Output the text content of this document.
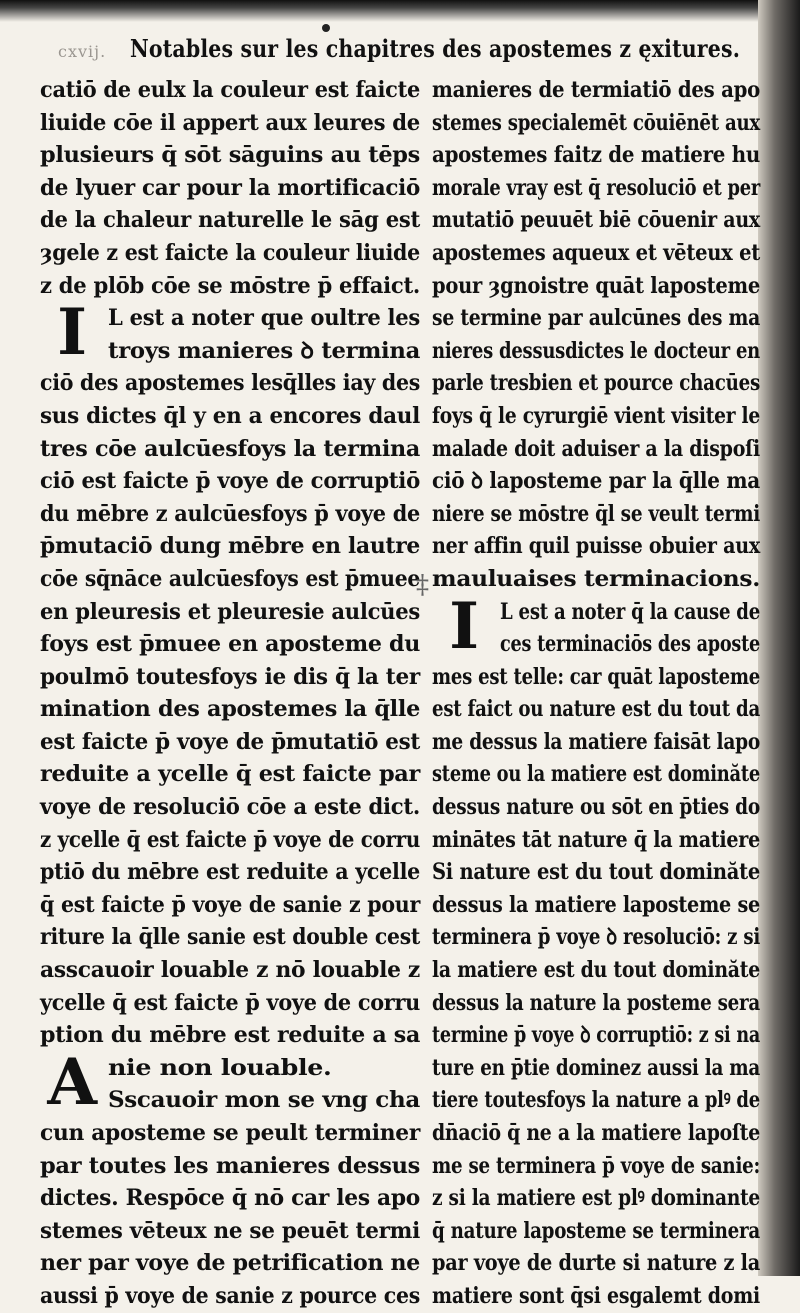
cxvij. Notables sur les chapitres des apostemes z ęxitures.
catiō de eulx la couleur est faicte
liuide cōe il appert aux leures de
plusieurs q̄ sōt sāguins au tēps
de lyuer car pour la mortificaciō
de la chaleur naturelle le sāg est
ȝgele z est faicte la couleur liuide
z de plōb cōe se mōstre p̄ effaict.
I L est a noter que oultre les
troys manieres ꝺ termina
ciō des apostemes lesq̄lles iay des
sus dictes q̄l y en a encores daul
tres cōe aulcūesfoys la termina
ciō est faicte p̄ voye de corruptiō
du mēbre z aulcūesfoys p̄ voye de
p̄mutaciō dung mēbre en lautre
cōe sq̄nāce aulcūesfoys est p̄muee
en pleuresis et pleuresie aulcūes
foys est p̄muee en aposteme du
poulmō toutesfoys ie dis q̄ la ter
mination des apostemes la q̄lle
est faicte p̄ voye de p̄mutatiō est
reduite a ycelle q̄ est faicte par
voye de resoluciō cōe a este dict.
z ycelle q̄ est faicte p̄ voye de corru
ptiō du mēbre est reduite a ycelle
q̄ est faicte p̄ voye de sanie z pour
riture la q̄lle sanie est double cest
asscauoir louable z nō louable z
ycelle q̄ est faicte p̄ voye de corru
ption du mēbre est reduite a sa
A nie non louable.
Sscauoir mon se vng cha
cun aposteme se peult terminer
par toutes les manieres dessus
dictes. Respōce q̄ nō car les apo
stemes vēteux ne se peuēt termi
ner par voye de petrification ne
aussi p̄ voye de sanie z pource ces
‡
manieres de termiatiō des apo
stemes specialemēt cōuiēnēt aux
apostemes faitz de matiere hu
morale vray est q̄ resoluciō et per
mutatiō peuuēt biē cōuenir aux
apostemes aqueux et vēteux et
pour ȝgnoistre quāt laposteme
se termine par aulcūnes des ma
nieres dessusdictes le docteur en
parle tresbien et pource chacūes
foys q̄ le cyrurgiē vient visiter le
malade doit aduiser a la dispoſi
ciō ꝺ laposteme par la q̄lle ma
niere se mōstre q̄l se veult termi
ner affin quil puisse obuier aux
mauluaises terminacions.
I L est a noter q̄ la cause de
ces terminaciōs des aposte
mes est telle: car quāt laposteme
est faict ou nature est du tout da
me dessus la matiere faisāt lapo
steme ou la matiere est dominăte
dessus nature ou sōt en p̄ties do
minātes tāt nature q̄ la matiere
Si nature est du tout dominăte
dessus la matiere laposteme se
terminera p̄ voye ꝺ resoluciō: z si
la matiere est du tout dominăte
dessus la nature la posteme sera
termine p̄ voye ꝺ corruptiō: z si na
ture en p̄tie dominez aussi la ma
tiere toutesfoys la nature a plꝰ de
dn̄aciō q̄ ne a la matiere lapoſte
me se terminera p̄ voye de sanie:
z si la matiere est plꝰ dominante
q̄ nature laposteme se terminera
par voye de durte si nature z la
matiere sont q̄si esgalemt domi
